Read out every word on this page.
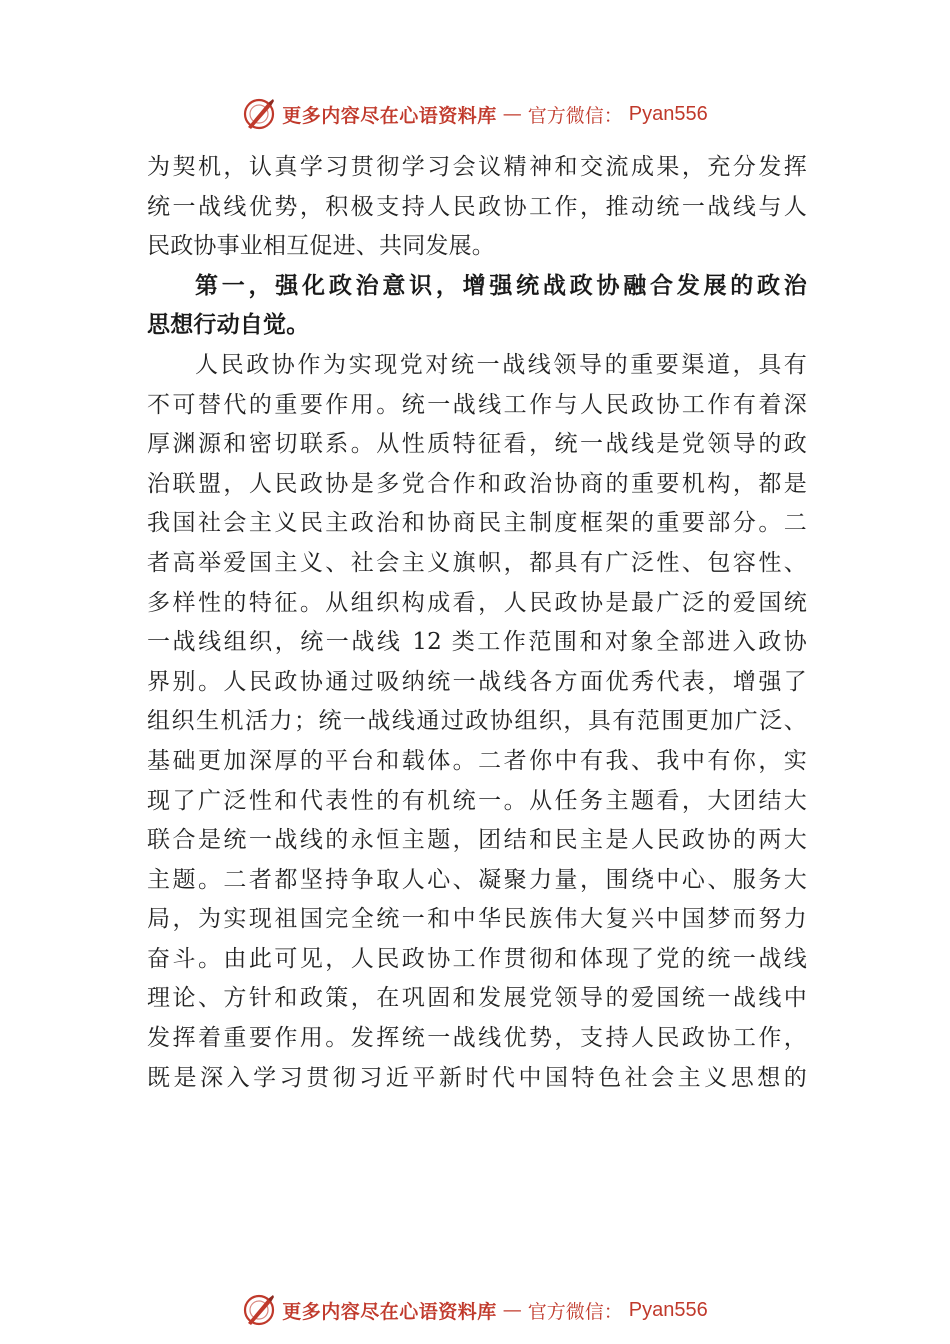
更多内容尽在心语资料库 — 官方微信： Pyan556
为契机，认真学习贯彻学习会议精神和交流成果，充分发挥
统一战线优势，积极支持人民政协工作，推动统一战线与人
民政协事业相互促进、共同发展。
第一，强化政治意识，增强统战政协融合发展的政治
思想行动自觉。
人民政协作为实现党对统一战线领导的重要渠道，具有
不可替代的重要作用。统一战线工作与人民政协工作有着深
厚渊源和密切联系。从性质特征看，统一战线是党领导的政
治联盟，人民政协是多党合作和政治协商的重要机构，都是
我国社会主义民主政治和协商民主制度框架的重要部分。二
者高举爱国主义、社会主义旗帜，都具有广泛性、包容性、
多样性的特征。从组织构成看，人民政协是最广泛的爱国统
一战线组织，统一战线 12 类工作范围和对象全部进入政协
界别。人民政协通过吸纳统一战线各方面优秀代表，增强了
组织生机活力；统一战线通过政协组织，具有范围更加广泛、
基础更加深厚的平台和载体。二者你中有我、我中有你，实
现了广泛性和代表性的有机统一。从任务主题看，大团结大
联合是统一战线的永恒主题，团结和民主是人民政协的两大
主题。二者都坚持争取人心、凝聚力量，围绕中心、服务大
局，为实现祖国完全统一和中华民族伟大复兴中国梦而努力
奋斗。由此可见，人民政协工作贯彻和体现了党的统一战线
理论、方针和政策，在巩固和发展党领导的爱国统一战线中
发挥着重要作用。发挥统一战线优势，支持人民政协工作，
既是深入学习贯彻习近平新时代中国特色社会主义思想的
更多内容尽在心语资料库 — 官方微信： Pyan556
